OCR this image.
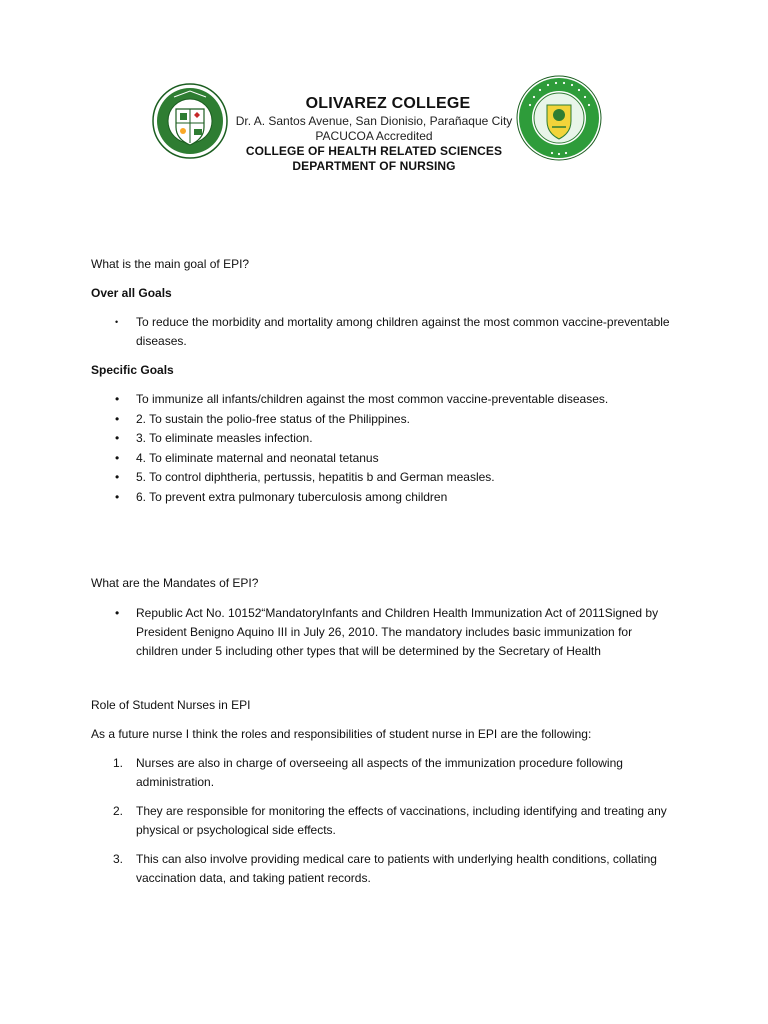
OLIVAREZ COLLEGE
Dr. A. Santos Avenue, San Dionisio, Parañaque City
PACUCOA Accredited
COLLEGE OF HEALTH RELATED SCIENCES
DEPARTMENT OF NURSING

What is the main goal of EPI?

Over all Goals

• To reduce the morbidity and mortality among children against the most common vaccine-preventable diseases.

Specific Goals

• To immunize all infants/children against the most common vaccine-preventable diseases.
• 2. To sustain the polio-free status of the Philippines.
• 3. To eliminate measles infection.
• 4. To eliminate maternal and neonatal tetanus
• 5. To control diphtheria, pertussis, hepatitis b and German measles.
• 6. To prevent extra pulmonary tuberculosis among children

What are the Mandates of EPI?

• Republic Act No. 10152“MandatoryInfants and Children Health Immunization Act of 2011Signed by President Benigno Aquino III in July 26, 2010. The mandatory includes basic immunization for children under 5 including other types that will be determined by the Secretary of Health

Role of Student Nurses in EPI

As a future nurse I think the roles and responsibilities of student nurse in EPI are the following:

1. Nurses are also in charge of overseeing all aspects of the immunization procedure following administration.
2. They are responsible for monitoring the effects of vaccinations, including identifying and treating any physical or psychological side effects.
3. This can also involve providing medical care to patients with underlying health conditions, collating vaccination data, and taking patient records.
